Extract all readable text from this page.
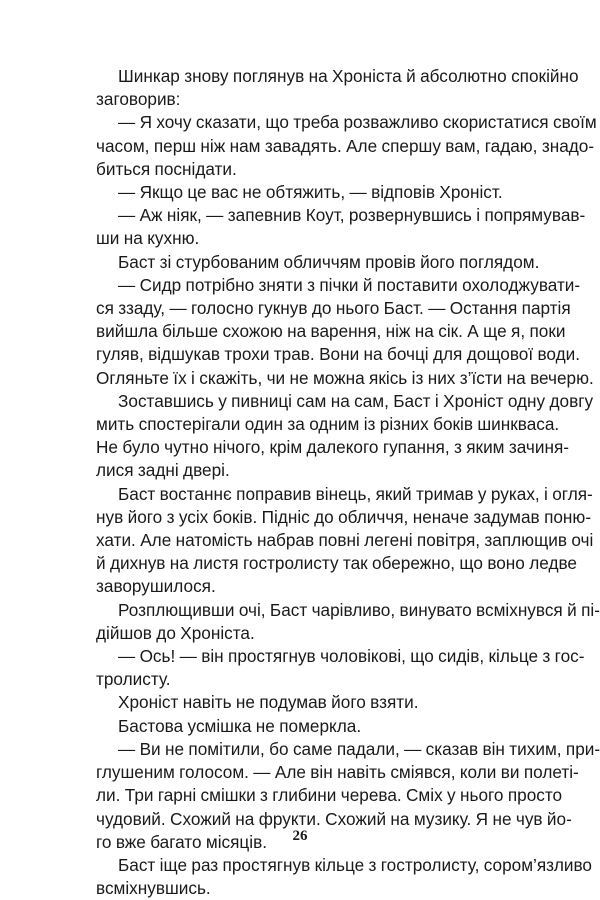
Шинкар знову поглянув на Хроніста й абсолютно спокійно
заговорив:

— Я хочу сказати, що треба розважливо скористатися своїм
часом, перш ніж нам завадять. Але спершу вам, гадаю, знадо-
биться поснідати.

— Якщо це вас не обтяжить, — відповів Хроніст.

— Аж ніяк, — запевнив Коут, розвернувшись і попрямував-
ши на кухню.

Баст зі стурбованим обличчям провів його поглядом.

— Сидр потрібно зняти з пічки й поставити охолоджувати-
ся ззаду, — голосно гукнув до нього Баст. — Остання партія
вийшла більше схожою на варення, ніж на сік. А ще я, поки
гуляв, відшукав трохи трав. Вони на бочці для дощової води.
Огляньте їх і скажіть, чи не можна якісь із них з’їсти на вечерю.

Зоставшись у пивниці сам на сам, Баст і Хроніст одну довгу
мить спостерігали один за одним із різних боків шинкваса.
Не було чутно нічого, крім далекого гупання, з яким зачиня-
лися задні двері.

Баст востаннє поправив вінець, який тримав у руках, і огля-
нув його з усіх боків. Підніс до обличчя, неначе задумав поню-
хати. Але натомість набрав повні легені повітря, заплющив очі
й дихнув на листя гостролисту так обережно, що воно ледве
заворушилося.

Розплющивши очі, Баст чарівливо, винувато всміхнувся й пі-
дійшов до Хроніста.

— Ось! — він простягнув чоловікові, що сидів, кільце з гос-
тролисту.

Хроніст навіть не подумав його взяти.

Бастова усмішка не померкла.

— Ви не помітили, бо саме падали, — сказав він тихим, при-
глушеним голосом. — Але він навіть сміявся, коли ви полеті-
ли. Три гарні смішки з глибини черева. Сміх у нього просто
чудовий. Схожий на фрукти. Схожий на музику. Я не чув йо-
го вже багато місяців.

Баст іще раз простягнув кільце з гостролисту, сором’язливо
всміхнувшись.

26
